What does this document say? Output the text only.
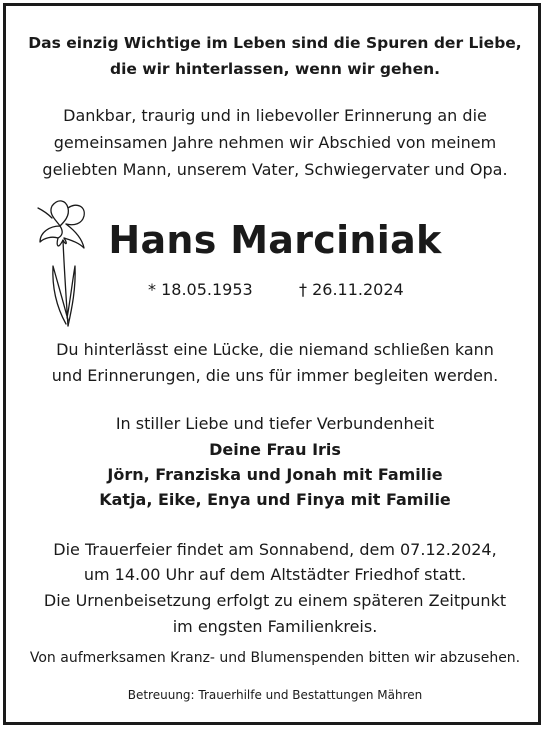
Das einzig Wichtige im Leben sind die Spuren der Liebe,
die wir hinterlassen, wenn wir gehen.
Dankbar, traurig und in liebevoller Erinnerung an die
gemeinsamen Jahre nehmen wir Abschied von meinem
geliebten Mann, unserem Vater, Schwiegervater und Opa.
Hans Marciniak
* 18.05.1953	† 26.11.2024
Du hinterlässt eine Lücke, die niemand schließen kann
und Erinnerungen, die uns für immer begleiten werden.
In stiller Liebe und tiefer Verbundenheit
Deine Frau Iris
Jörn, Franziska und Jonah mit Familie
Katja, Eike, Enya und Finya mit Familie
Die Trauerfeier findet am Sonnabend, dem 07.12.2024,
um 14.00 Uhr auf dem Altstädter Friedhof statt.
Die Urnenbeisetzung erfolgt zu einem späteren Zeitpunkt
im engsten Familienkreis.
Von aufmerksamen Kranz- und Blumenspenden bitten wir abzusehen.
Betreuung: Trauerhilfe und Bestattungen Mähren
